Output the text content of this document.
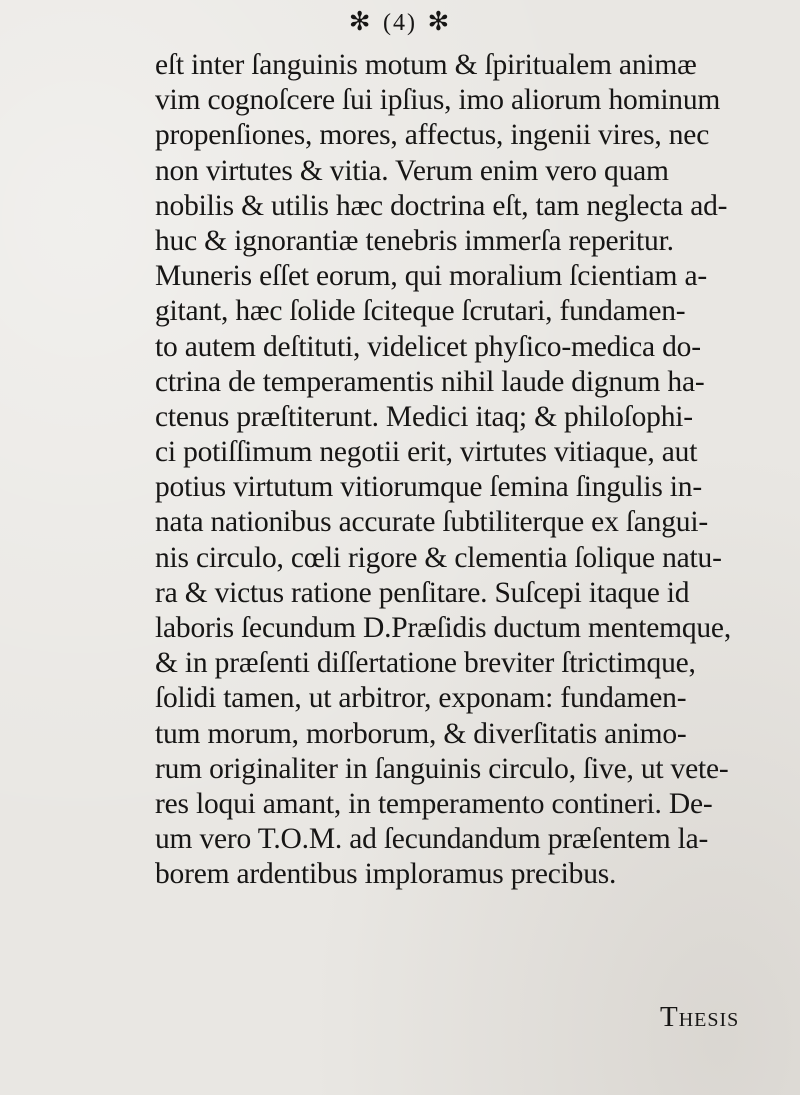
✻ (4) ✻
eſt inter ſanguinis motum & ſpiritualem animæ
vim cognoſcere ſui ipſius, imo aliorum hominum
propenſiones, mores, affectus, ingenii vires, nec
non virtutes & vitia. Verum enim vero quam
nobilis & utilis hæc doctrina eſt, tam neglecta ad-
huc & ignorantiæ tenebris immerſa reperitur.
Muneris eſſet eorum, qui moralium ſcientiam a-
gitant, hæc ſolide ſciteque ſcrutari, fundamen-
to autem deſtituti, videlicet phyſico-medica do-
ctrina de temperamentis nihil laude dignum ha-
ctenus præſtiterunt. Medici itaq; & philoſophi-
ci potiſſimum negotii erit, virtutes vitiaque, aut
potius virtutum vitiorumque ſemina ſingulis in-
nata nationibus accurate ſubtiliterque ex ſangui-
nis circulo, cœli rigore & clementia ſolique natu-
ra & victus ratione penſitare. Suſcepi itaque id
laboris ſecundum D.Præſidis ductum mentemque,
& in præſenti diſſertatione breviter ſtrictimque,
ſolidi tamen, ut arbitror, exponam: fundamen-
tum morum, morborum, & diverſitatis animo-
rum originaliter in ſanguinis circulo, ſive, ut vete-
res loqui amant, in temperamento contineri. De-
um vero T.O.M. ad ſecundandum præſentem la-
borem ardentibus imploramus precibus.
Thesis
